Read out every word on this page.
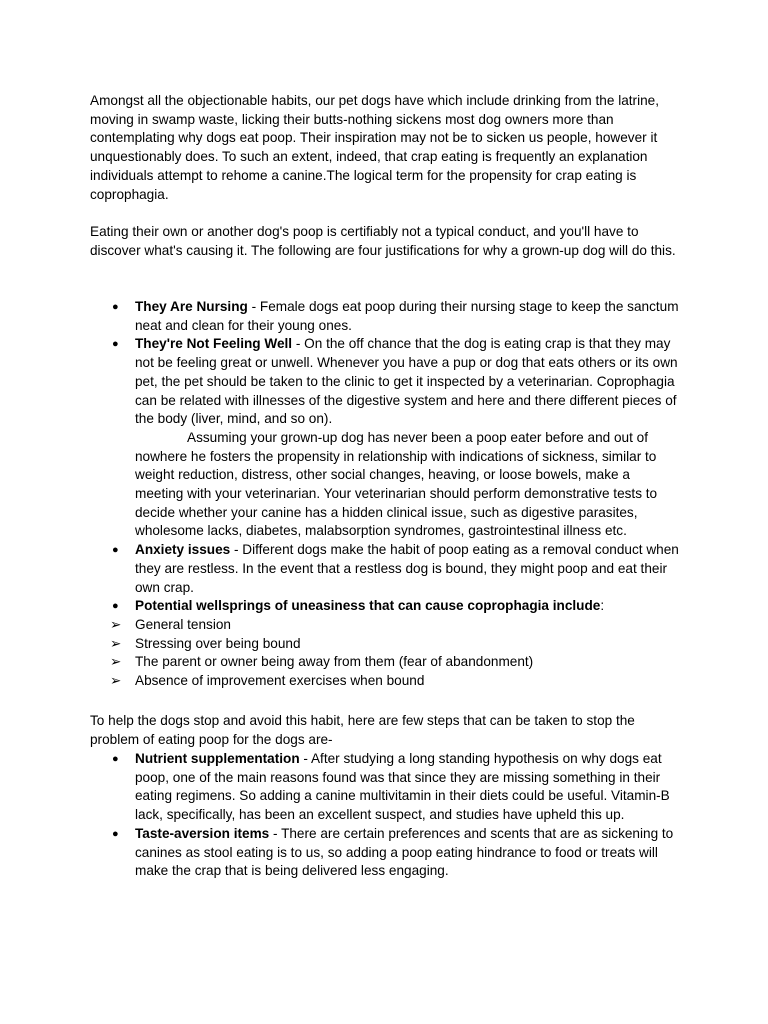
Amongst all the objectionable habits, our pet dogs have which include drinking from the latrine, moving in swamp waste, licking their butts-nothing sickens most dog owners more than contemplating why dogs eat poop. Their inspiration may not be to sicken us people, however it unquestionably does. To such an extent, indeed, that crap eating is frequently an explanation individuals attempt to rehome a canine.The logical term for the propensity for crap eating is coprophagia.

Eating their own or another dog's poop is certifiably not a typical conduct, and you'll have to discover what's causing it. The following are four justifications for why a grown-up dog will do this.

●	They Are Nursing - Female dogs eat poop during their nursing stage to keep the sanctum neat and clean for their young ones.
●	They're Not Feeling Well - On the off chance that the dog is eating crap is that they may not be feeling great or unwell. Whenever you have a pup or dog that eats others or its own pet, the pet should be taken to the clinic to get it inspected by a veterinarian. Coprophagia can be related with illnesses of the digestive system and here and there different pieces of the body (liver, mind, and so on).
Assuming your grown-up dog has never been a poop eater before and out of nowhere he fosters the propensity in relationship with indications of sickness, similar to weight reduction, distress, other social changes, heaving, or loose bowels, make a meeting with your veterinarian. Your veterinarian should perform demonstrative tests to decide whether your canine has a hidden clinical issue, such as digestive parasites, wholesome lacks, diabetes, malabsorption syndromes, gastrointestinal illness etc.
●	Anxiety issues - Different dogs make the habit of poop eating as a removal conduct when they are restless. In the event that a restless dog is bound, they might poop and eat their own crap.
●	Potential wellsprings of uneasiness that can cause coprophagia include:
➢	General tension
➢	Stressing over being bound
➢	The parent or owner being away from them (fear of abandonment)
➢	Absence of improvement exercises when bound

To help the dogs stop and avoid this habit, here are few steps that can be taken to stop the problem of eating poop for the dogs are-

●	Nutrient supplementation - After studying a long standing hypothesis on why dogs eat poop, one of the main reasons found was that since they are missing something in their eating regimens. So adding a canine multivitamin in their diets could be useful. Vitamin-B lack, specifically, has been an excellent suspect, and studies have upheld this up.
●	Taste-aversion items - There are certain preferences and scents that are as sickening to canines as stool eating is to us, so adding a poop eating hindrance to food or treats will make the crap that is being delivered less engaging.
